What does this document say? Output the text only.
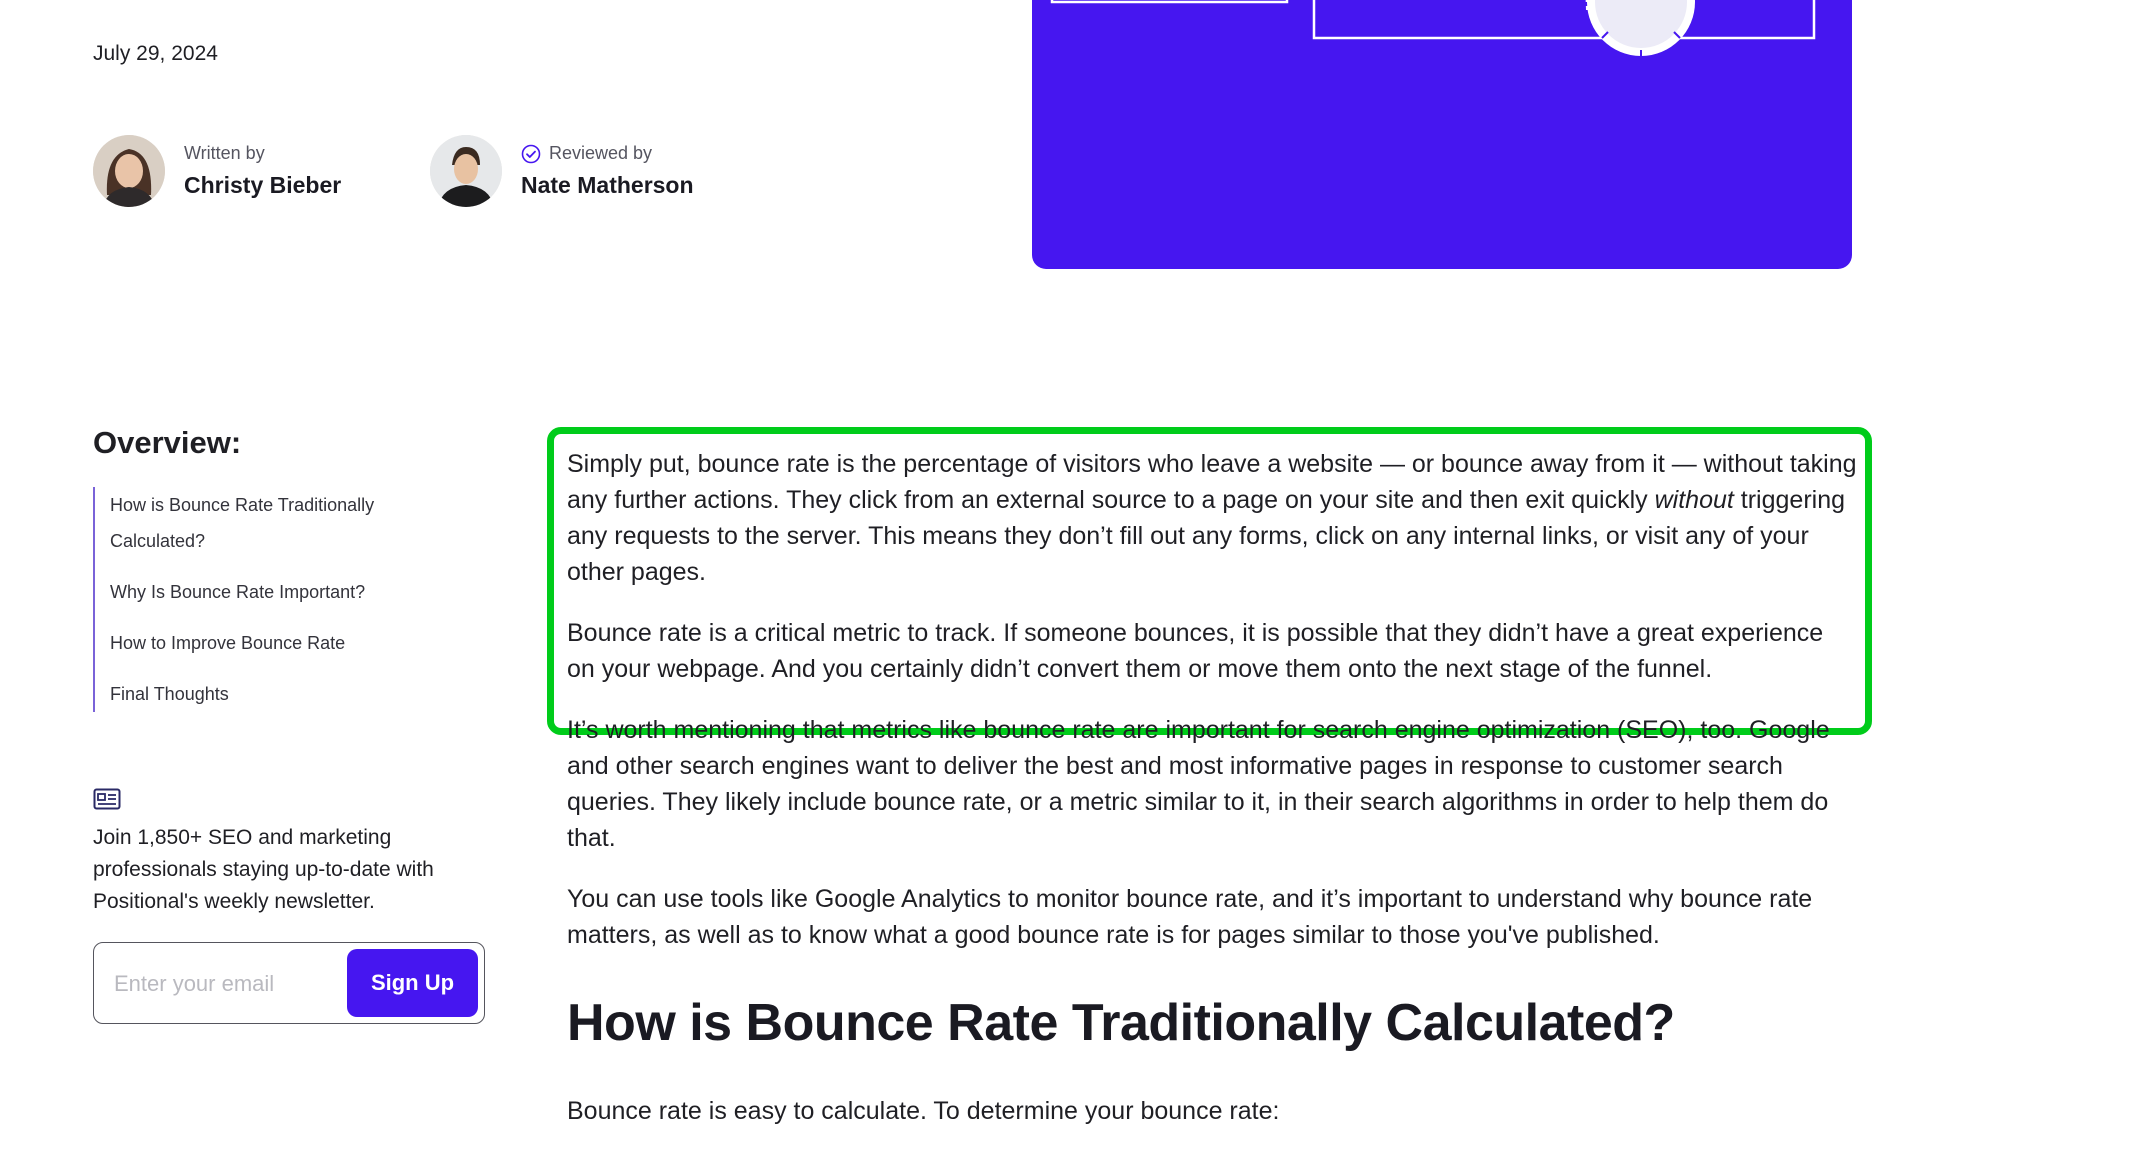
July 29, 2024
Written by
Christy Bieber
Reviewed by
Nate Matherson
Overview:
How is Bounce Rate Traditionally Calculated?
Why Is Bounce Rate Important?
How to Improve Bounce Rate
Final Thoughts
Join 1,850+ SEO and marketing professionals staying up-to-date with Positional's weekly newsletter.
Enter your email
Sign Up

Simply put, bounce rate is the percentage of visitors who leave a website — or bounce away from it — without taking any further actions. They click from an external source to a page on your site and then exit quickly without triggering any requests to the server. This means they don’t fill out any forms, click on any internal links, or visit any of your other pages.

Bounce rate is a critical metric to track. If someone bounces, it is possible that they didn’t have a great experience on your webpage. And you certainly didn’t convert them or move them onto the next stage of the funnel.

It’s worth mentioning that metrics like bounce rate are important for search engine optimization (SEO), too. Google and other search engines want to deliver the best and most informative pages in response to customer search queries. They likely include bounce rate, or a metric similar to it, in their search algorithms in order to help them do that.

You can use tools like Google Analytics to monitor bounce rate, and it’s important to understand why bounce rate matters, as well as to know what a good bounce rate is for pages similar to those you've published.

How is Bounce Rate Traditionally Calculated?

Bounce rate is easy to calculate. To determine your bounce rate:
